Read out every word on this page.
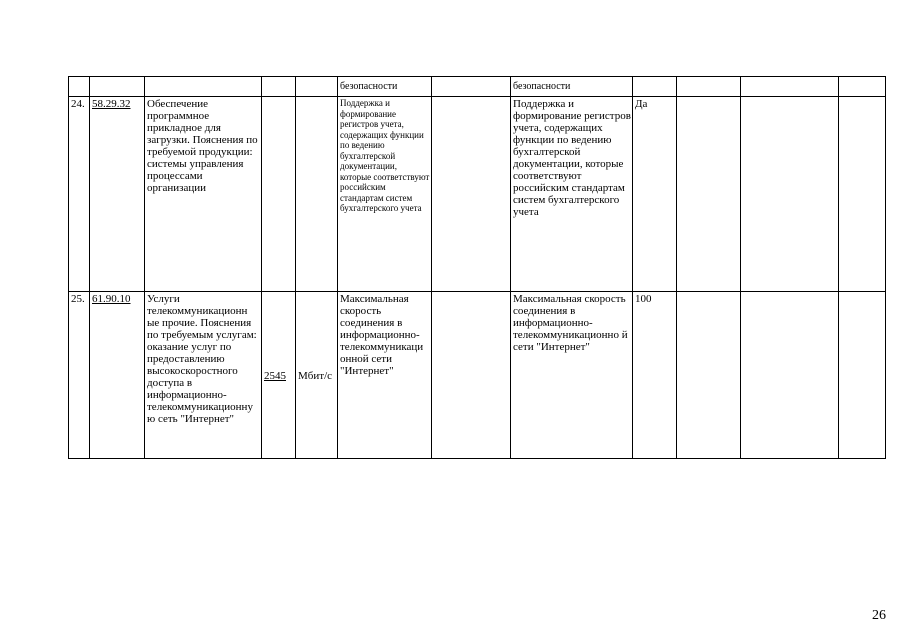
					безопасности		безопасности				
24.	58.29.32	Обеспечение программное прикладное для загрузки. Пояснения по требуемой продукции: системы управления процессами организации			Поддержка и формирование регистров учета, содержащих функции по ведению бухгалтерской документации, которые соответствуют российским стандартам систем бухгалтерского учета		Поддержка и формирование регистров учета, содержащих функции по ведению бухгалтерской документации, которые соответствуют российским стандартам систем бухгалтерского учета	Да			
25.	61.90.10	Услуги телекоммуникационн ые прочие. Пояснения по требуемым услугам: оказание услуг по предоставлению высокоскоростного доступа в информационно-телекоммуникационную сеть "Интернет"	2545	Мбит/с	Максимальная скорость соединения в информационно-телекоммуникаци онной сети "Интернет"		Максимальная скорость соединения в информационно-телекоммуникационно й сети "Интернет"	100			
26
